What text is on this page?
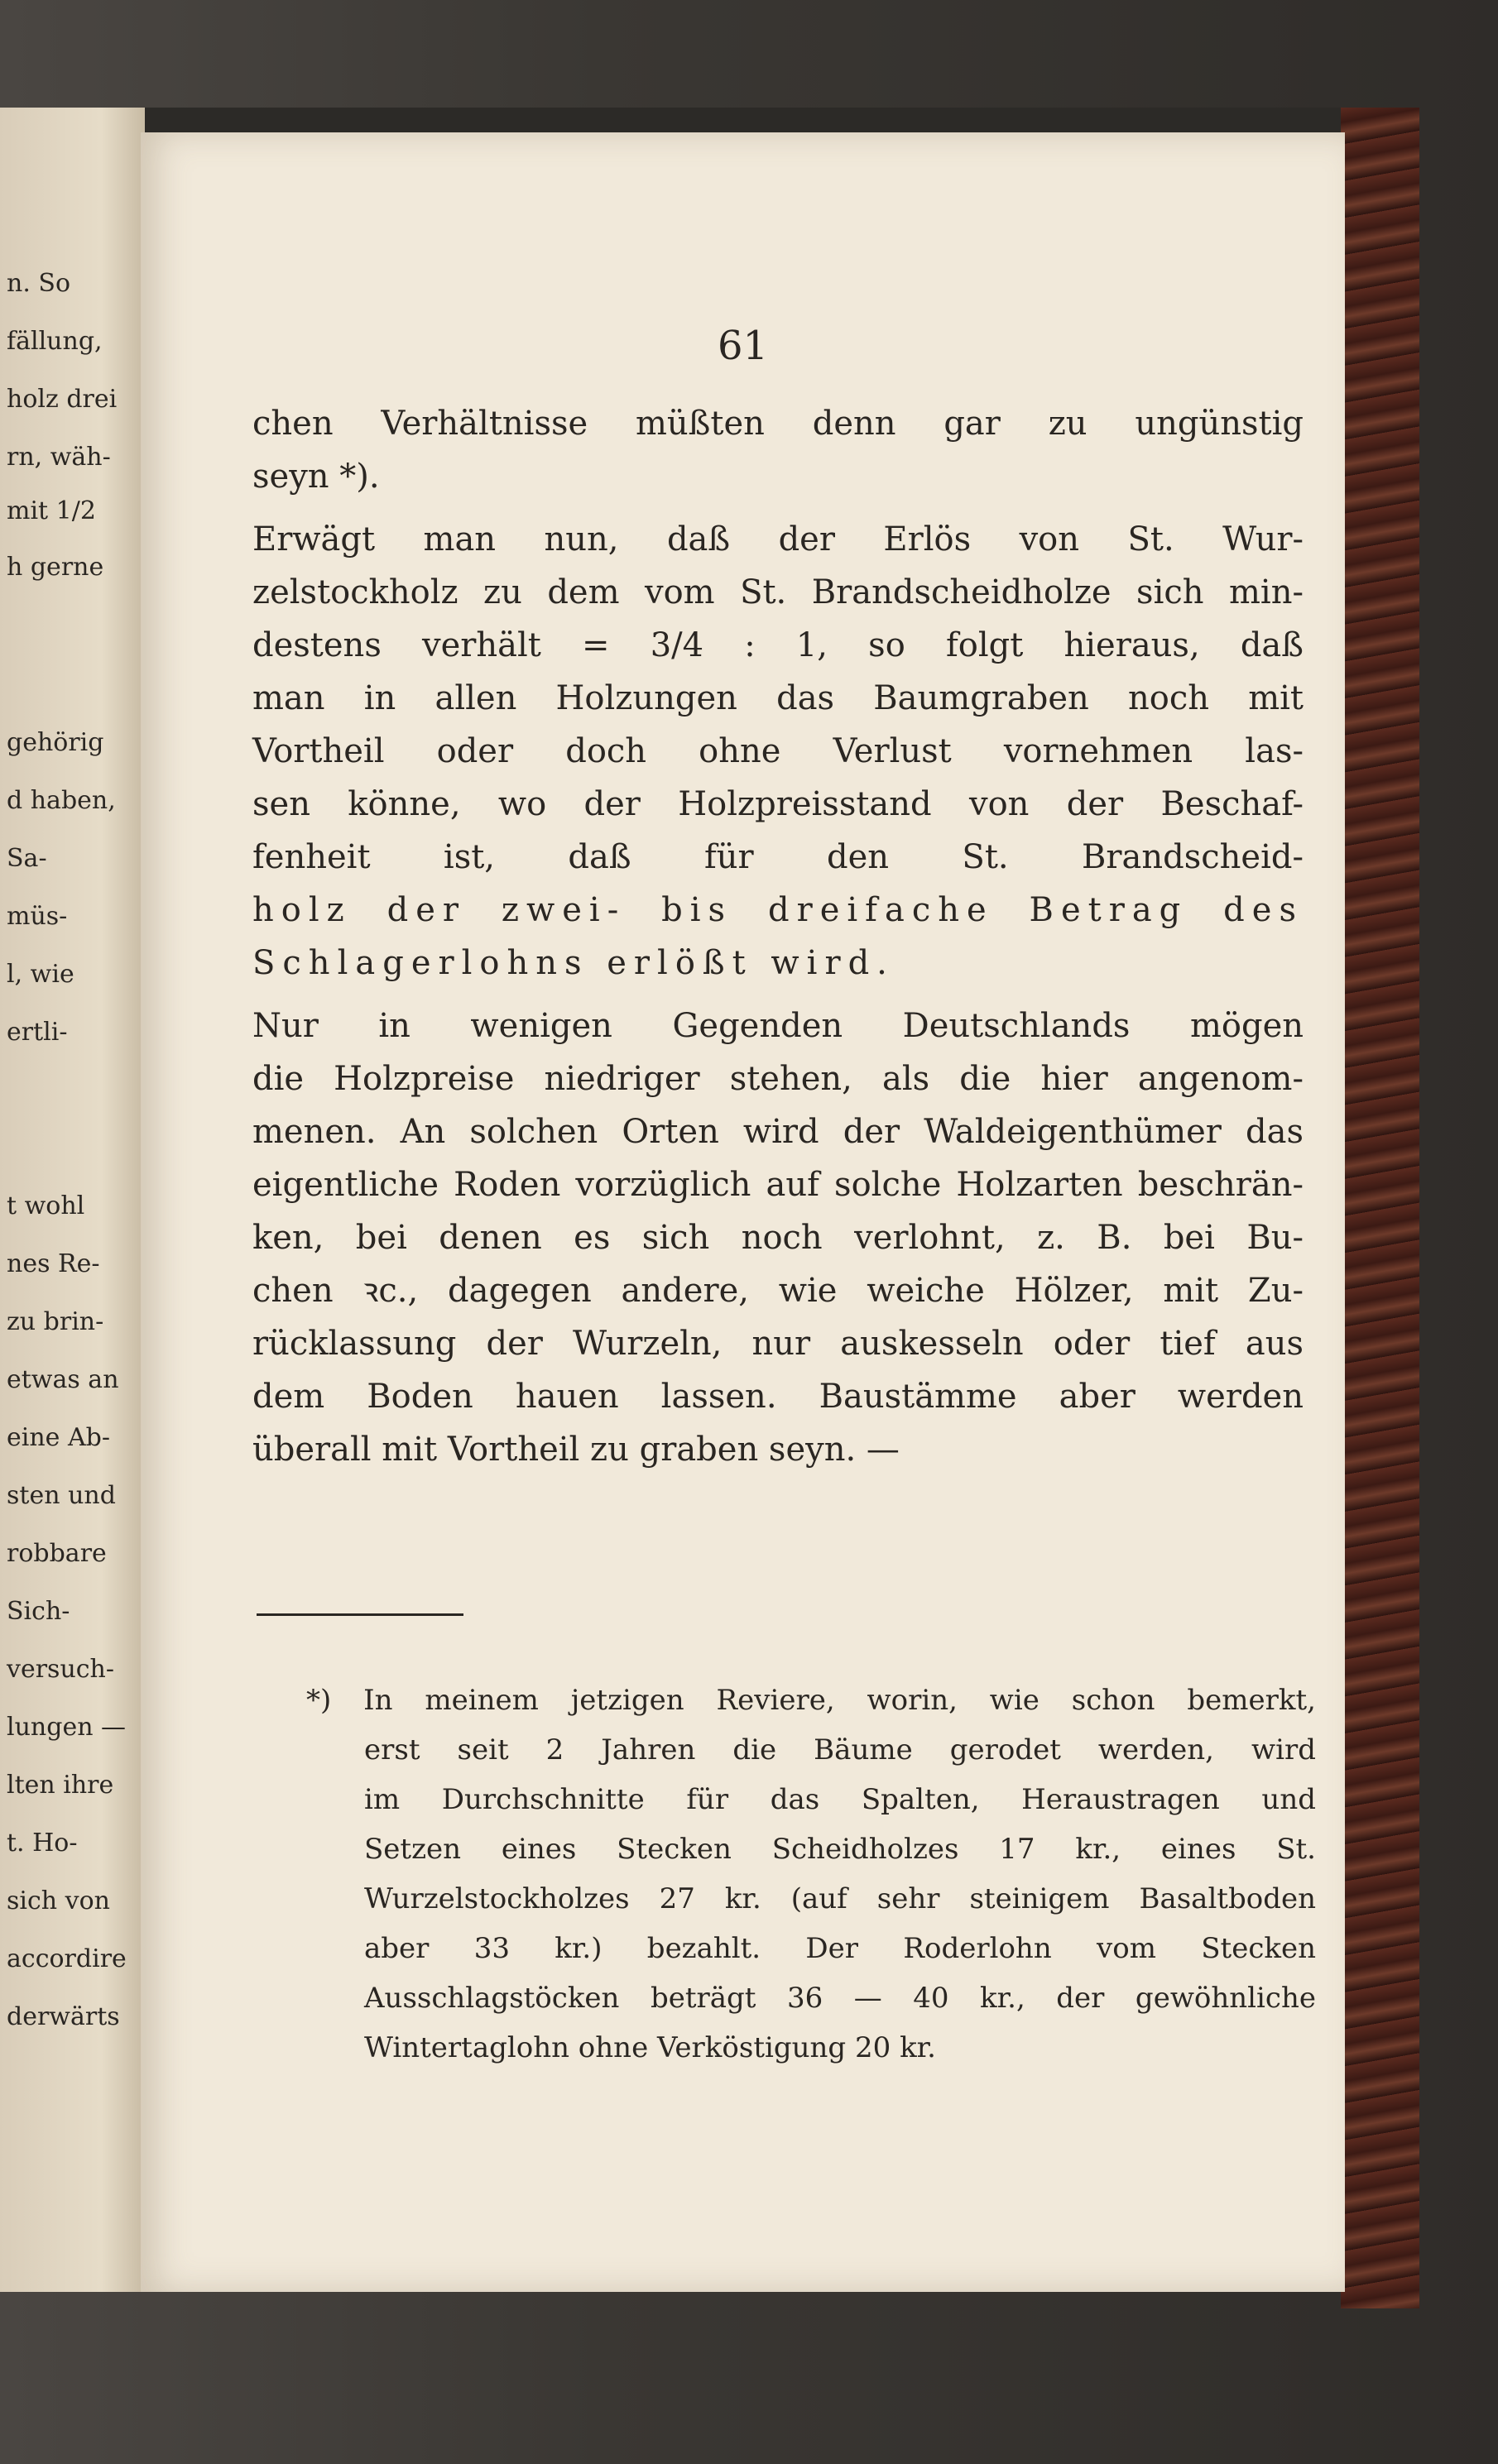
n. So
fällung,
holz drei
rn, wäh-
mit 1/2
h gerne
gehörig
d haben,
Sa-
müs-
l, wie
ertli-
t wohl
nes Re-
zu brin-
etwas an
eine Ab-
sten und
robbare
Sich-
versuch-
lungen —
lten ihre
t. Ho-
sich von
accordire
derwärts
61
chen Verhältnisse müßten denn gar zu ungünstig
seyn *).
Erwägt man nun, daß der Erlös von St. Wur-
zelstockholz zu dem vom St. Brandscheidholze sich min-
destens verhält = 3/4 : 1, so folgt hieraus, daß
man in allen Holzungen das Baumgraben noch mit
Vortheil oder doch ohne Verlust vornehmen las-
sen könne, wo der Holzpreisstand von der Beschaf-
fenheit ist, daß für den St. Brandscheid-
holz der zwei- bis dreifache Betrag des
Schlagerlohns erlößt wird.
Nur in wenigen Gegenden Deutschlands mögen
die Holzpreise niedriger stehen, als die hier angenom-
menen. An solchen Orten wird der Waldeigenthümer das
eigentliche Roden vorzüglich auf solche Holzarten beschrän-
ken, bei denen es sich noch verlohnt, z. B. bei Bu-
chen ꝛc., dagegen andere, wie weiche Hölzer, mit Zu-
rücklassung der Wurzeln, nur auskesseln oder tief aus
dem Boden hauen lassen. Baustämme aber werden
überall mit Vortheil zu graben seyn. —
*) In meinem jetzigen Reviere, worin, wie schon bemerkt,
erst seit 2 Jahren die Bäume gerodet werden, wird
im Durchschnitte für das Spalten, Heraustragen und
Setzen eines Stecken Scheidholzes 17 kr., eines St.
Wurzelstockholzes 27 kr. (auf sehr steinigem Basaltboden
aber 33 kr.) bezahlt. Der Roderlohn vom Stecken
Ausschlagstöcken beträgt 36 — 40 kr., der gewöhnliche
Wintertaglohn ohne Verköstigung 20 kr.
